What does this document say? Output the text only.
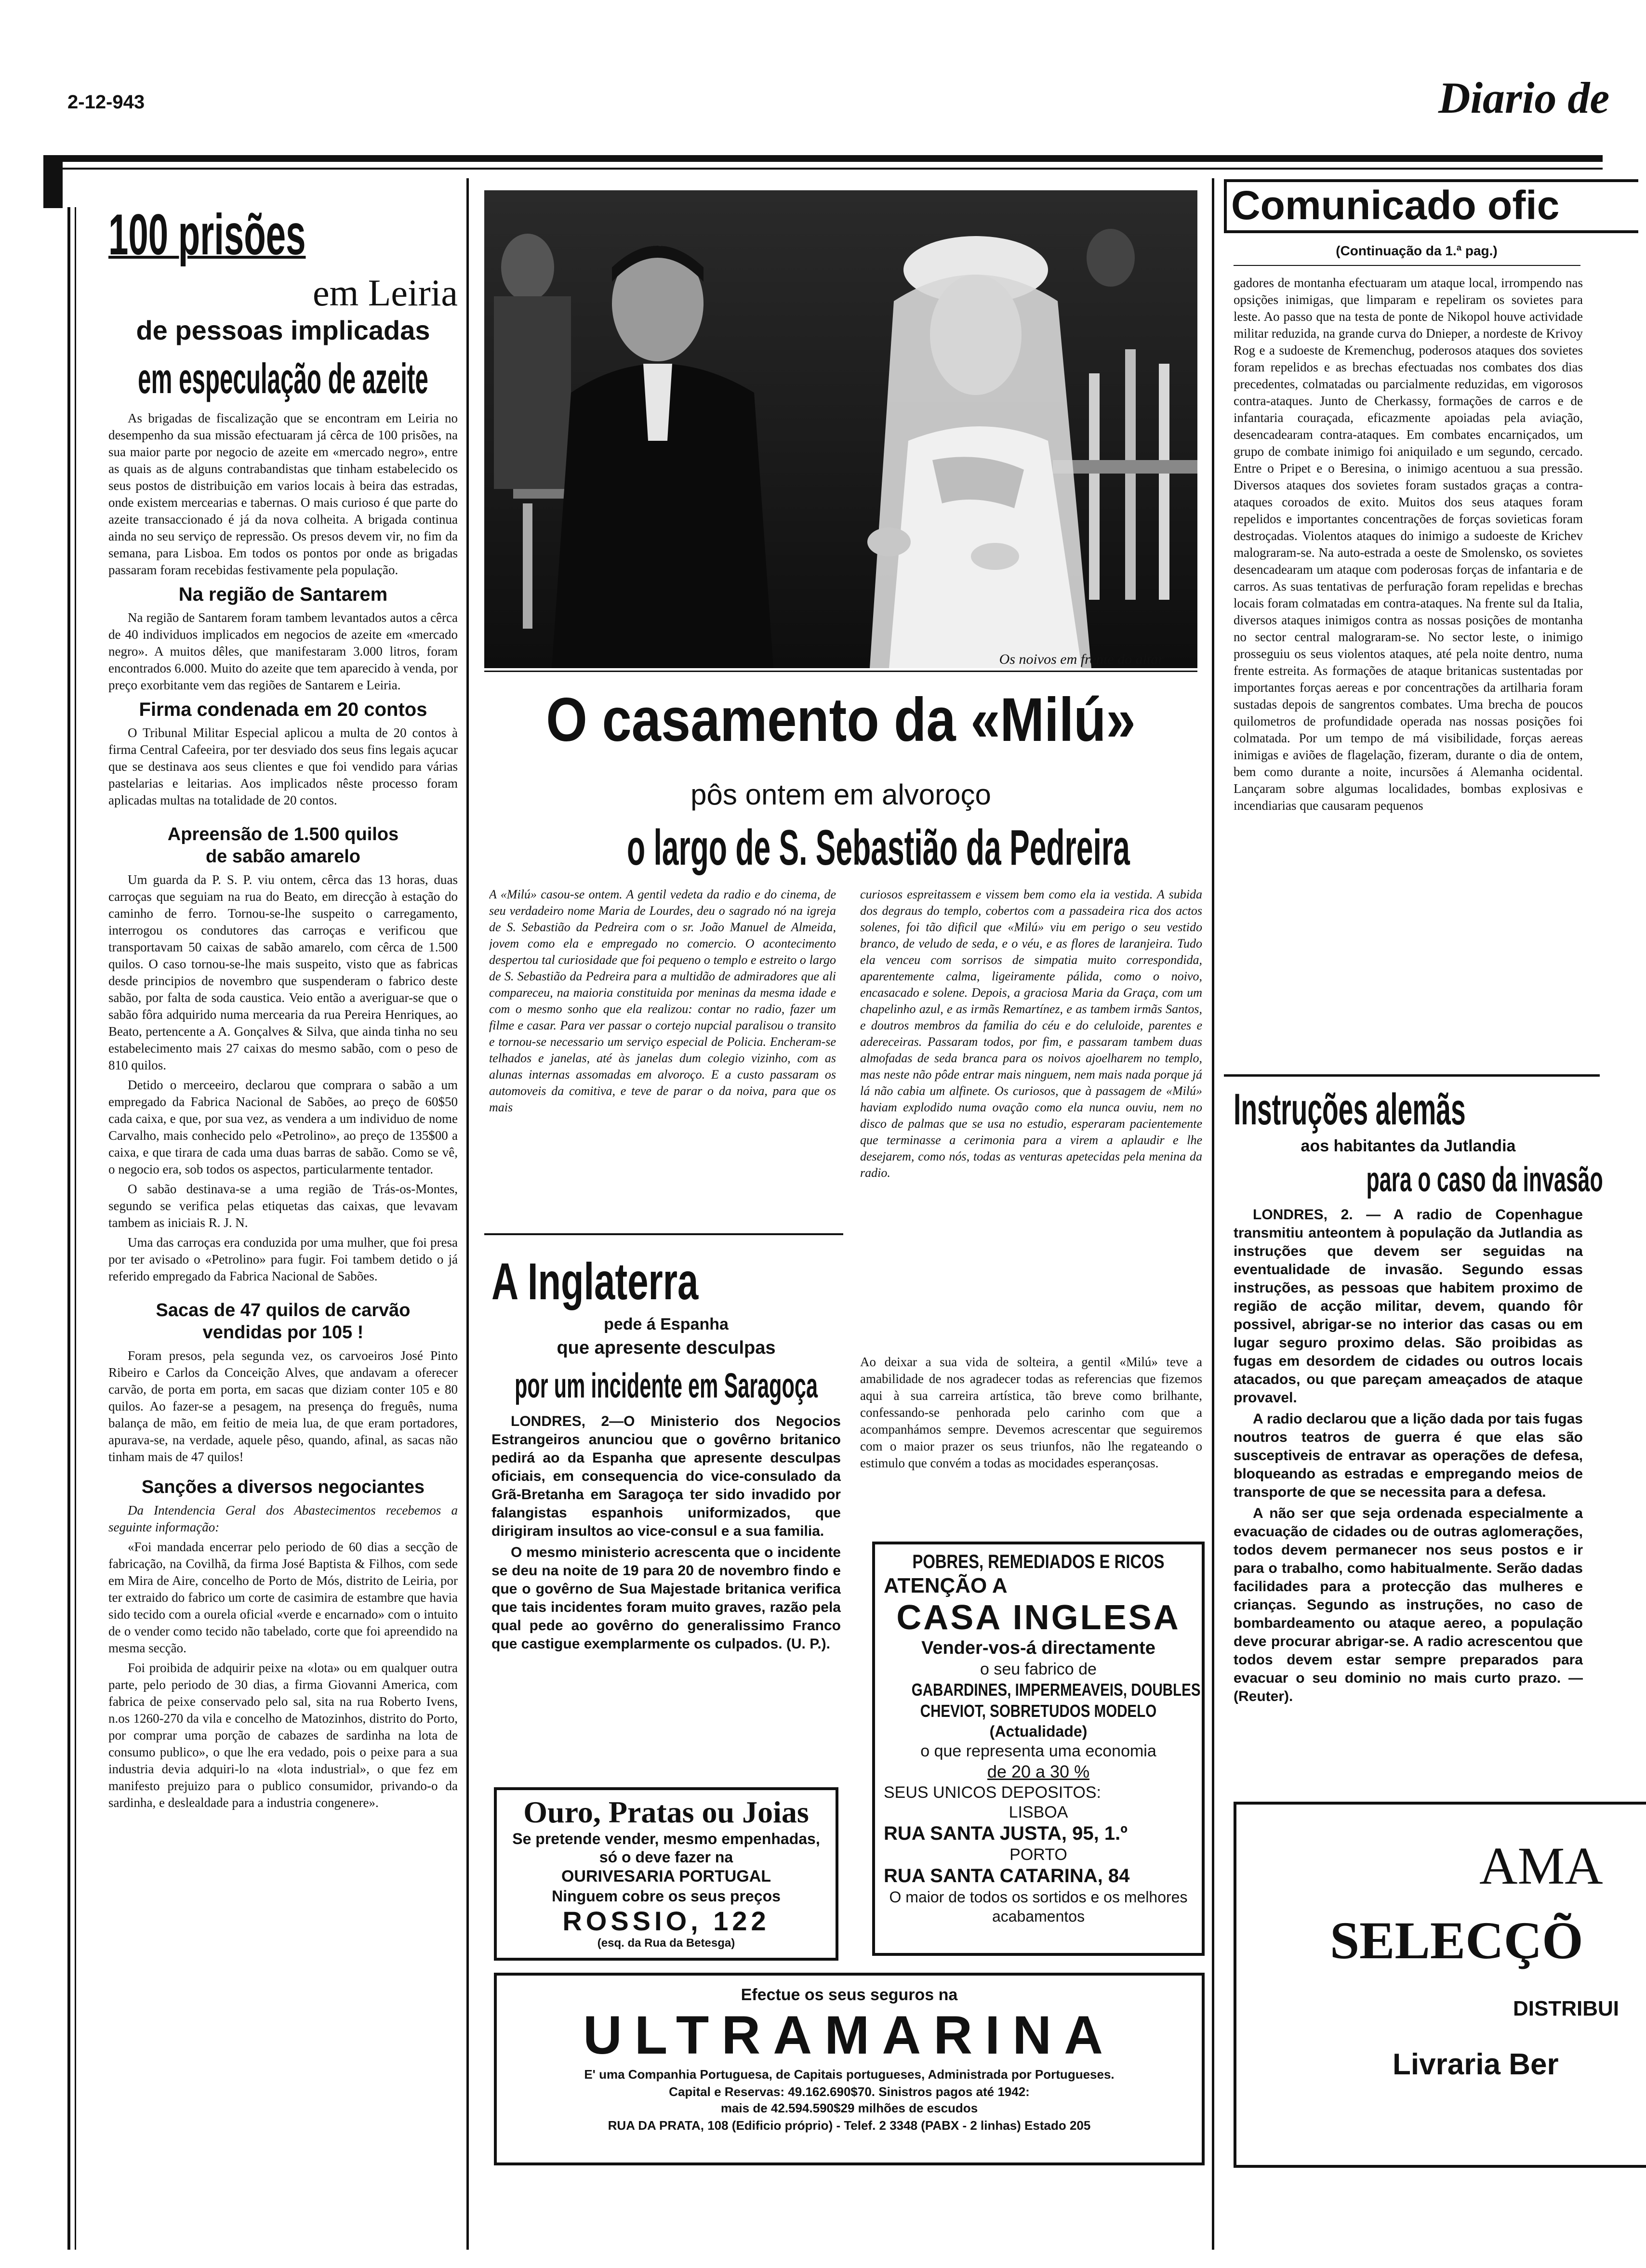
2-12-943	Diario de
100 prisões
em Leiria
de pessoas implicadas
em especulação de azeite
As brigadas de fiscalização que se encontram em Leiria no desempenho da sua missão efectuaram já cêrca de 100 prisões, na sua maior parte por negocio de azeite em «mercado negro», entre as quais as de alguns contrabandistas que tinham estabelecido os seus postos de distribuição em varios locais à beira das estradas, onde existem mercearias e tabernas. O mais curioso é que parte do azeite transaccionado é já da nova colheita. A brigada continua ainda no seu serviço de repressão. Os presos devem vir, no fim da semana, para Lisboa. Em todos os pontos por onde as brigadas passaram foram recebidas festivamente pela população.
Na região de Santarem
Na região de Santarem foram tambem levantados autos a cêrca de 40 individuos implicados em negocios de azeite em «mercado negro». A muitos dêles, que manifestaram 3.000 litros, foram encontrados 6.000. Muito do azeite que tem aparecido à venda, por preço exorbitante vem das regiões de Santarem e Leiria.
Firma condenada em 20 contos
O Tribunal Militar Especial aplicou a multa de 20 contos à firma Central Cafeeira, por ter desviado dos seus fins legais açucar que se destinava aos seus clientes e que foi vendido para várias pastelarias e leitarias. Aos implicados nêste processo foram aplicadas multas na totalidade de 20 contos.
Apreensão de 1.500 quilos
de sabão amarelo

Um guarda da P. S. P. viu ontem, cêrca das 13 horas, duas carroças que seguiam na rua do Beato, em direcção à estação do caminho de ferro. Tornou-se-lhe suspeito o carregamento, interrogou os condutores das carroças e verificou que transportavam 50 caixas de sabão amarelo, com cêrca de 1.500 quilos. O caso tornou-se-lhe mais suspeito, visto que as fabricas desde principios de novembro que suspenderam o fabrico deste sabão, por falta de soda caustica. Veio então a averiguar-se que o sabão fôra adquirido numa mercearia da rua Pereira Henriques, ao Beato, pertencente a A. Gonçalves & Silva, que ainda tinha no seu estabelecimento mais 27 caixas do mesmo sabão, com o peso de 810 quilos.

Detido o merceeiro, declarou que comprara o sabão a um empregado da Fabrica Nacional de Sabões, ao preço de 60$50 cada caixa, e que, por sua vez, as vendera a um individuo de nome Carvalho, mais conhecido pelo «Petrolino», ao preço de 135$00 a caixa, e que tirara de cada uma duas barras de sabão. Como se vê, o negocio era, sob todos os aspectos, particularmente tentador.

O sabão destinava-se a uma região de Trás-os-Montes, segundo se verifica pelas etiquetas das caixas, que levavam tambem as iniciais R. J. N.

Uma das carroças era conduzida por uma mulher, que foi presa por ter avisado o «Petrolino» para fugir. Foi tambem detido o já referido empregado da Fabrica Nacional de Sabões.

Sacas de 47 quilos de carvão
vendidas por 105 !

Foram presos, pela segunda vez, os carvoeiros José Pinto Ribeiro e Carlos da Conceição Alves, que andavam a oferecer carvão, de porta em porta, em sacas que diziam conter 105 e 80 quilos. Ao fazer-se a pesagem, na presença do freguês, numa balança de mão, em feitio de meia lua, de que eram portadores, apurava-se, na verdade, aquele pêso, quando, afinal, as sacas não tinham mais de 47 quilos!

Sanções a diversos negociantes

Da Intendencia Geral dos Abastecimentos recebemos a seguinte informação:

«Foi mandada encerrar pelo periodo de 60 dias a secção de fabricação, na Covilhã, da firma José Baptista & Filhos, com sede em Mira de Aire, concelho de Porto de Mós, distrito de Leiria, por ter extraido do fabrico um corte de casimira de estambre que havia sido tecido com a ourela oficial «verde e encarnado» com o intuito de o vender como tecido não tabelado, corte que foi apreendido na mesma secção.

Foi proibida de adquirir peixe na «lota» ou em qualquer outra parte, pelo periodo de 30 dias, a firma Giovanni America, com fabrica de peixe conservado pelo sal, sita na rua Roberto Ivens, n.os 1260-270 da vila e concelho de Matozinhos, distrito do Porto, por comprar uma porção de cabazes de sardinha na lota de consumo publico», o que lhe era vedado, pois o peixe para a sua industria devia adquiri-lo na «lota industrial», o que fez em manifesto prejuizo para o publico consumidor, privando-o da sardinha, e deslealdade para a industria congenere».

Os noivos em frente do altar
O casamento da «Milú»
pôs ontem em alvoroço
o largo de S. Sebastião da Pedreira
A «Milú» casou-se ontem. A gentil vedeta da radio e do cinema, de seu verdadeiro nome Maria de Lourdes, deu o sagrado nó na igreja de S. Sebastião da Pedreira com o sr. João Manuel de Almeida, jovem como ela e empregado no comercio. O acontecimento despertou tal curiosidade que foi pequeno o templo e estreito o largo de S. Sebastião da Pedreira para a multidão de admiradores que ali compareceu, na maioria constituida por meninas da mesma idade e com o mesmo sonho que ela realizou: contar no radio, fazer um filme e casar. Para ver passar o cortejo nupcial paralisou o transito e tornou-se necessario um serviço especial de Policia. Encheram-se telhados e janelas, até às janelas dum colegio vizinho, com as alunas internas assomadas em alvoroço. E a custo passaram os automoveis da comitiva, e teve de parar o da noiva, para que os mais
curiosos espreitassem e vissem bem como ela ia vestida. A subida dos degraus do templo, cobertos com a passadeira rica dos actos solenes, foi tão dificil que «Milú» viu em perigo o seu vestido branco, de veludo de seda, e o véu, e as flores de laranjeira. Tudo ela venceu com sorrisos de simpatia muito correspondida, aparentemente calma, ligeiramente pálida, como o noivo, encasacado e solene. Depois, a graciosa Maria da Graça, com um chapelinho azul, e as irmãs Remartínez, e as tambem irmãs Santos, e doutros membros da familia do céu e do celuloide, parentes e adereceiras. Passaram todos, por fim, e passaram tambem duas almofadas de seda branca para os noivos ajoelharem no templo, mas neste não pôde entrar mais ninguem, nem mais nada porque já lá não cabia um alfinete. Os curiosos, que à passagem de «Milú» haviam explodido numa ovação como ela nunca ouviu, nem no disco de palmas que se usa no estudio, esperaram pacientemente que terminasse a cerimonia para a virem a aplaudir e lhe desejarem, como nós, todas as venturas apetecidas pela menina da radio.
Ao deixar a sua vida de solteira, a gentil «Milú» teve a amabilidade de nos agradecer todas as referencias que fizemos aqui à sua carreira artística, tão breve como brilhante, confessando-se penhorada pelo carinho com que a acompanhámos sempre. Devemos acrescentar que seguiremos com o maior prazer os seus triunfos, não lhe regateando o estimulo que convém a todas as mocidades esperançosas.
A Inglaterra
pede á Espanha
que apresente desculpas
por um incidente em Saragoça

LONDRES, 2—O Ministerio dos Negocios Estrangeiros anunciou que o govêrno britanico pedirá ao da Espanha que apresente desculpas oficiais, em consequencia do vice-consulado da Grã-Bretanha em Saragoça ter sido invadido por falangistas espanhois uniformizados, que dirigiram insultos ao vice-consul e a sua familia.

O mesmo ministerio acrescenta que o incidente se deu na noite de 19 para 20 de novembro findo e que o govêrno de Sua Majestade britanica verifica que tais incidentes foram muito graves, razão pela qual pede ao govêrno do generalissimo Franco que castigue exemplarmente os culpados. (U. P.).

Ouro, Pratas ou Joias
Se pretende vender, mesmo empenhadas, só o deve fazer na
OURIVESARIA PORTUGAL
Ninguem cobre os seus preços
ROSSIO, 122
(esq. da Rua da Betesga)
POBRES, REMEDIADOS E RICOS
ATENÇÃO A
CASA INGLESA
Vender-vos-á directamente
o seu fabrico de
GABARDINES, IMPERMEAVEIS, DOUBLES
CHEVIOT, SOBRETUDOS MODELO
(Actualidade)
o que representa uma economia
de 20 a 30 %
SEUS UNICOS DEPOSITOS:
LISBOA
RUA SANTA JUSTA, 95, 1.º
PORTO
RUA SANTA CATARINA, 84
O maior de todos os sortidos e os melhores acabamentos
Efectue os seus seguros na
ULTRAMARINA
E' uma Companhia Portuguesa, de Capitais portugueses, Administrada por Portugueses.
Capital e Reservas: 49.162.690$70. Sinistros pagos até 1942:
mais de 42.594.590$29 milhões de escudos
RUA DA PRATA, 108 (Edificio próprio) - Telef. 2 3348 (PABX - 2 linhas) Estado 205
Comunicado ofic
(Continuação da 1.ª pag.)
gadores de montanha efectuaram um ataque local, irrompendo nas opsições inimigas, que limparam e repeliram os sovietes para leste. Ao passo que na testa de ponte de Nikopol houve actividade militar reduzida, na grande curva do Dnieper, a nordeste de Krivoy Rog e a sudoeste de Kremenchug, poderosos ataques dos sovietes foram repelidos e as brechas efectuadas nos combates dos dias precedentes, colmatadas ou parcialmente reduzidas, em vigorosos contra-ataques. Junto de Cherkassy, formações de carros e de infantaria couraçada, eficazmente apoiadas pela aviação, desencadearam contra-ataques. Em combates encarniçados, um grupo de combate inimigo foi aniquilado e um segundo, cercado. Entre o Pripet e o Beresina, o inimigo acentuou a sua pressão. Diversos ataques dos sovietes foram sustados graças a contra-ataques coroados de exito. Muitos dos seus ataques foram repelidos e importantes concentrações de forças sovieticas foram destroçadas. Violentos ataques do inimigo a sudoeste de Krichev malograram-se. Na auto-estrada a oeste de Smolensko, os sovietes desencadearam um ataque com poderosas forças de infantaria e de carros. As suas tentativas de perfuração foram repelidas e brechas locais foram colmatadas em contra-ataques. Na frente sul da Italia, diversos ataques inimigos contra as nossas posições de montanha no sector central malograram-se. No sector leste, o inimigo prosseguiu os seus violentos ataques, até pela noite dentro, numa frente estreita. As formações de ataque britanicas sustentadas por importantes forças aereas e por concentrações da artilharia foram sustadas depois de sangrentos combates. Uma brecha de poucos quilometros de profundidade operada nas nossas posições foi colmatada. Por um tempo de má visibilidade, forças aereas inimigas e aviões de flagelação, fizeram, durante o dia de ontem, bem como durante a noite, incursões á Alemanha ocidental. Lançaram sobre algumas localidades, bombas explosivas e incendiarias que causaram pequenos
Instruções alemãs
aos habitantes da Jutlandia
para o caso da invasão

LONDRES, 2. — A radio de Copenhague transmitiu anteontem à população da Jutlandia as instruções que devem ser seguidas na eventualidade de invasão. Segundo essas instruções, as pessoas que habitem proximo de região de acção militar, devem, quando fôr possivel, abrigar-se no interior das casas ou em lugar seguro proximo delas. São proibidas as fugas em desordem de cidades ou outros locais atacados, ou que pareçam ameaçados de ataque provavel.

A radio declarou que a lição dada por tais fugas noutros teatros de guerra é que elas são susceptiveis de entravar as operações de defesa, bloqueando as estradas e empregando meios de transporte de que se necessita para a defesa.

A não ser que seja ordenada especialmente a evacuação de cidades ou de outras aglomerações, todos devem permanecer nos seus postos e ir para o trabalho, como habitualmente. Serão dadas facilidades para a protecção das mulheres e crianças. Segundo as instruções, no caso de bombardeamento ou ataque aereo, a população deve procurar abrigar-se. A radio acrescentou que todos devem estar sempre preparados para evacuar o seu dominio no mais curto prazo. — (Reuter).

AMA
SELECÇÕ
DISTRIBUI
Livraria Ber
